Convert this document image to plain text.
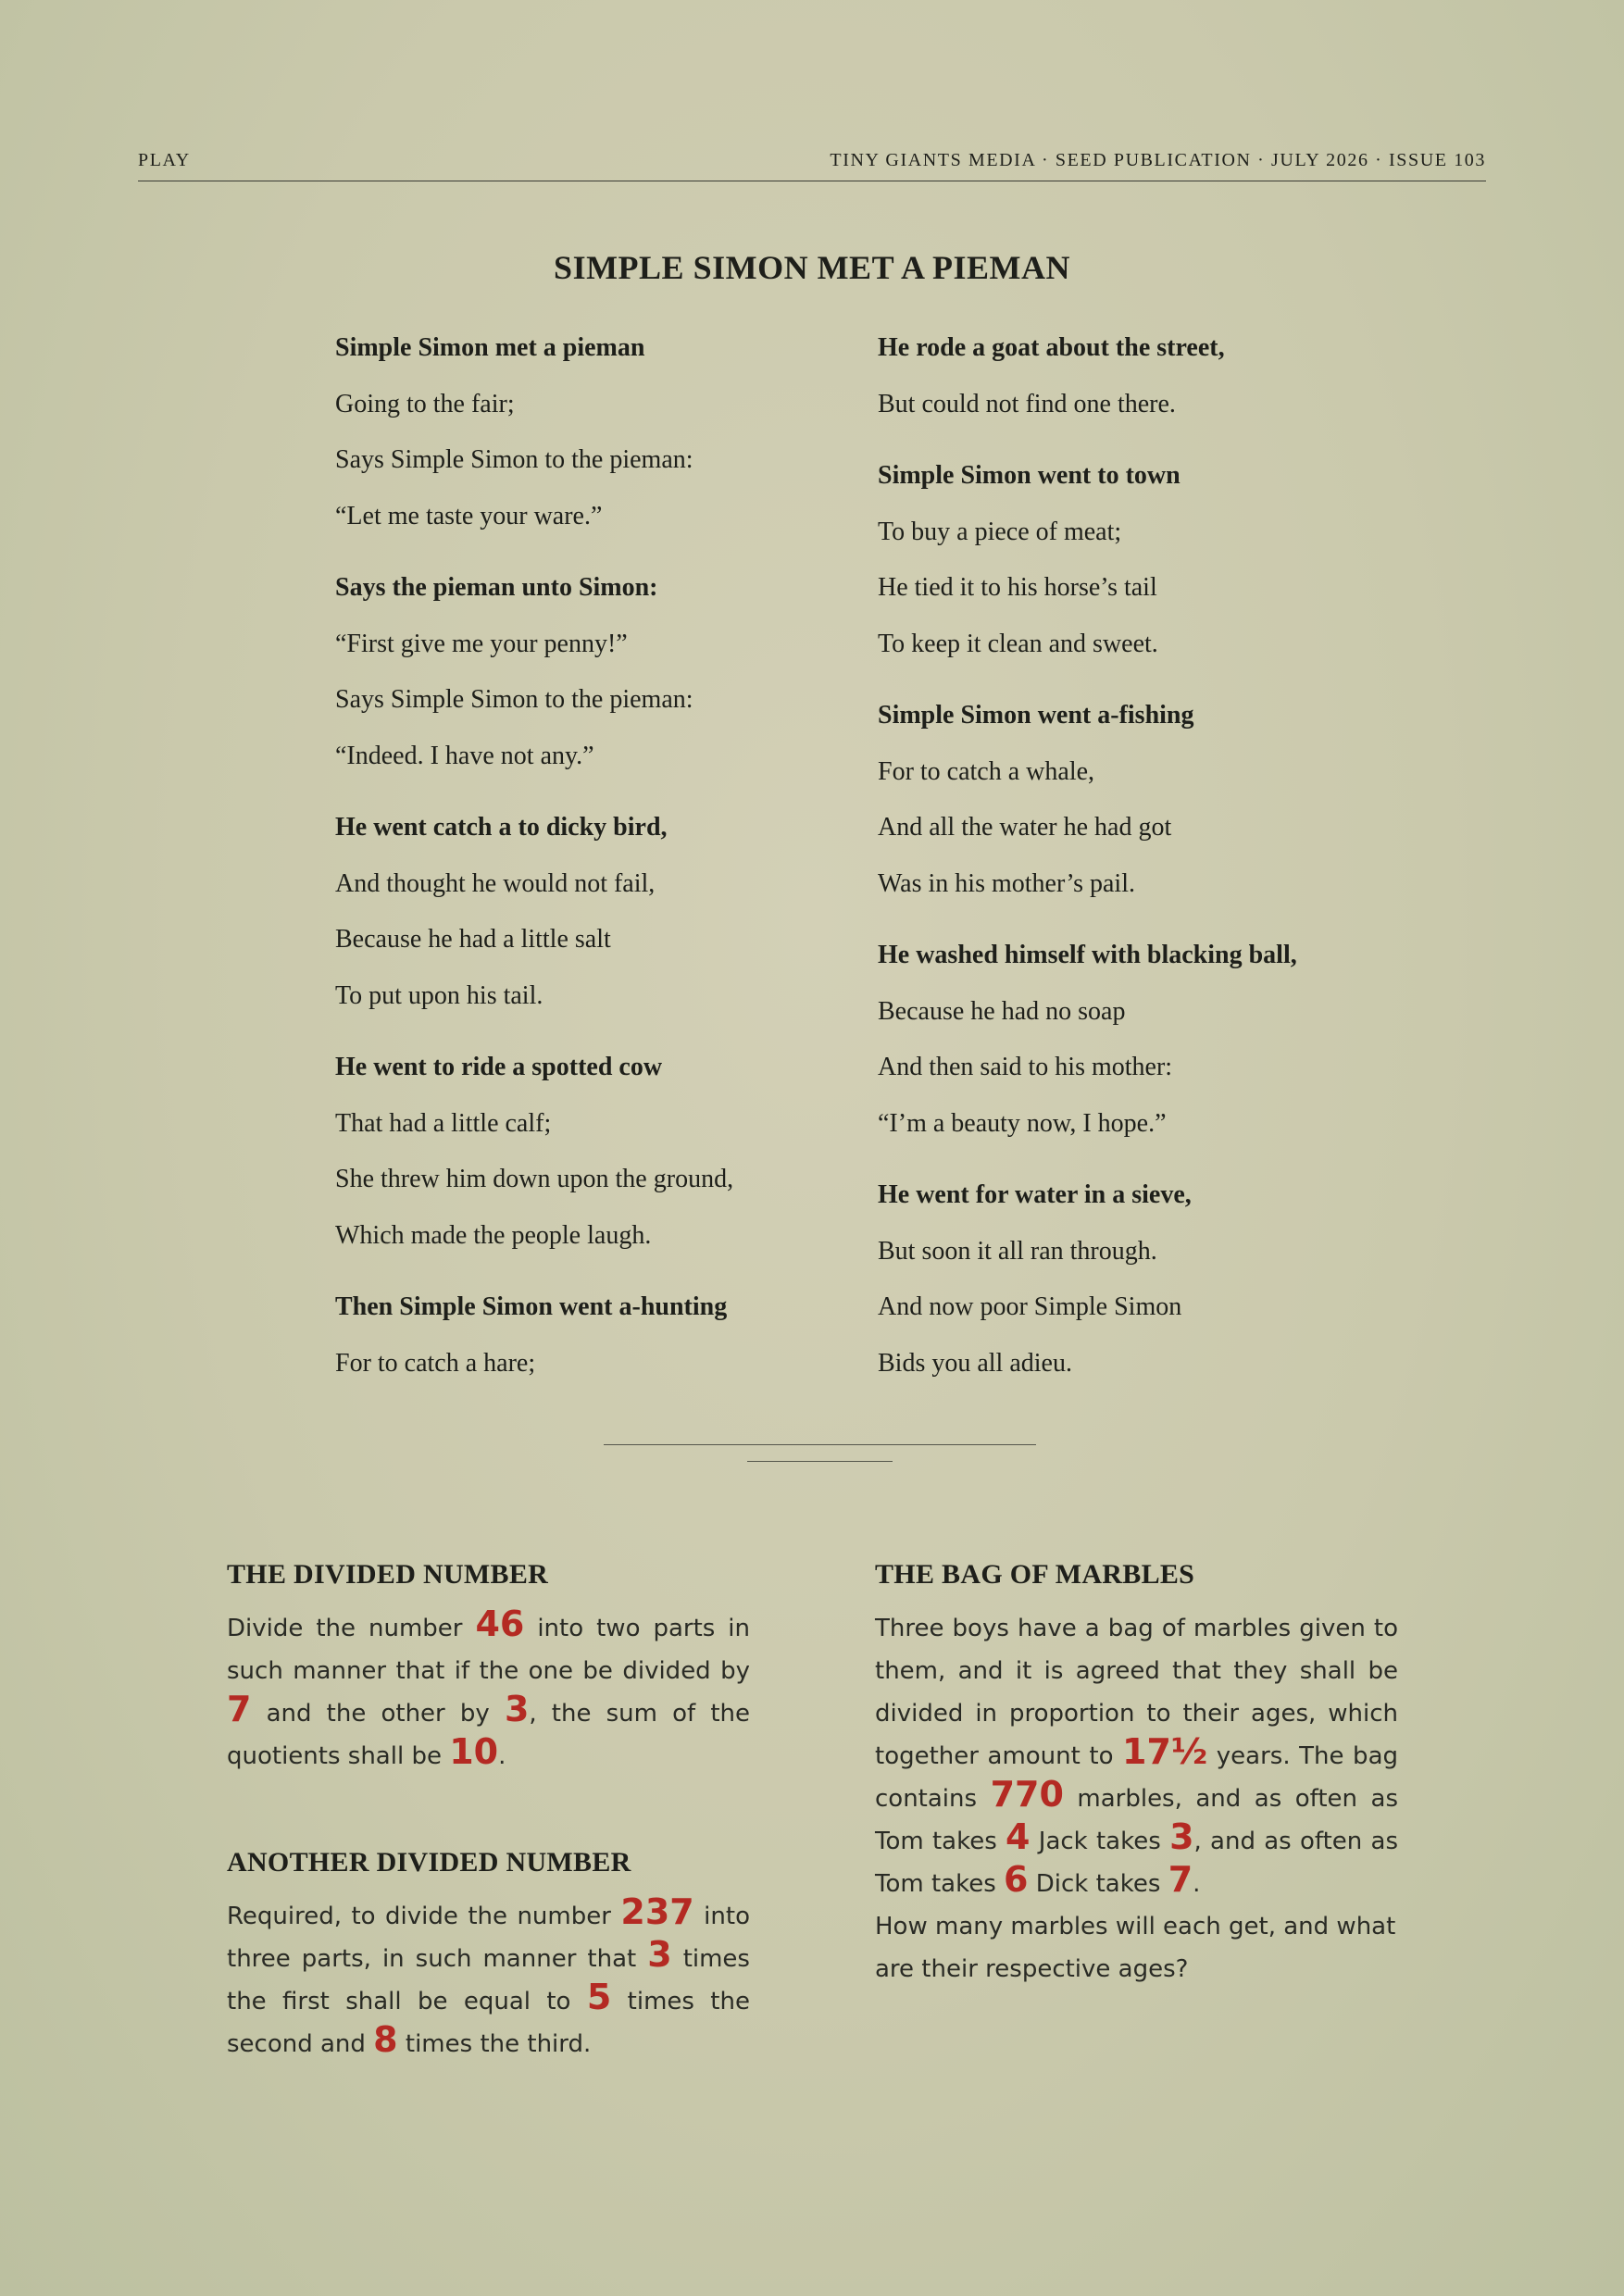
PLAY	TINY GIANTS MEDIA · SEED PUBLICATION · JULY 2026 · ISSUE 103
SIMPLE SIMON MET A PIEMAN
Simple Simon met a pieman
Going to the fair;
Says Simple Simon to the pieman:
“Let me taste your ware.”
Says the pieman unto Simon:
“First give me your penny!”
Says Simple Simon to the pieman:
“Indeed. I have not any.”
He went catch a to dicky bird,
And thought he would not fail,
Because he had a little salt
To put upon his tail.
He went to ride a spotted cow
That had a little calf;
She threw him down upon the ground,
Which made the people laugh.
Then Simple Simon went a-hunting
For to catch a hare;
He rode a goat about the street,
But could not find one there.
Simple Simon went to town
To buy a piece of meat;
He tied it to his horse’s tail
To keep it clean and sweet.
Simple Simon went a-fishing
For to catch a whale,
And all the water he had got
Was in his mother’s pail.
He washed himself with blacking ball,
Because he had no soap
And then said to his mother:
“I’m a beauty now, I hope.”
He went for water in a sieve,
But soon it all ran through.
And now poor Simple Simon
Bids you all adieu.
THE DIVIDED NUMBER

Divide the number 46 into two parts in such manner that if the one be divided by 7 and the other by 3, the sum of the quotients shall be 10.

ANOTHER DIVIDED NUMBER

Required, to divide the number 237 into three parts, in such manner that 3 times the first shall be equal to 5 times the second and 8 times the third.

THE BAG OF MARBLES

Three boys have a bag of marbles given to them, and it is agreed that they shall be divided in proportion to their ages, which together amount to 17½ years. The bag contains 770 marbles, and as often as Tom takes 4 Jack takes 3, and as often as Tom takes 6 Dick takes 7.

How many marbles will each get, and what are their respective ages?
